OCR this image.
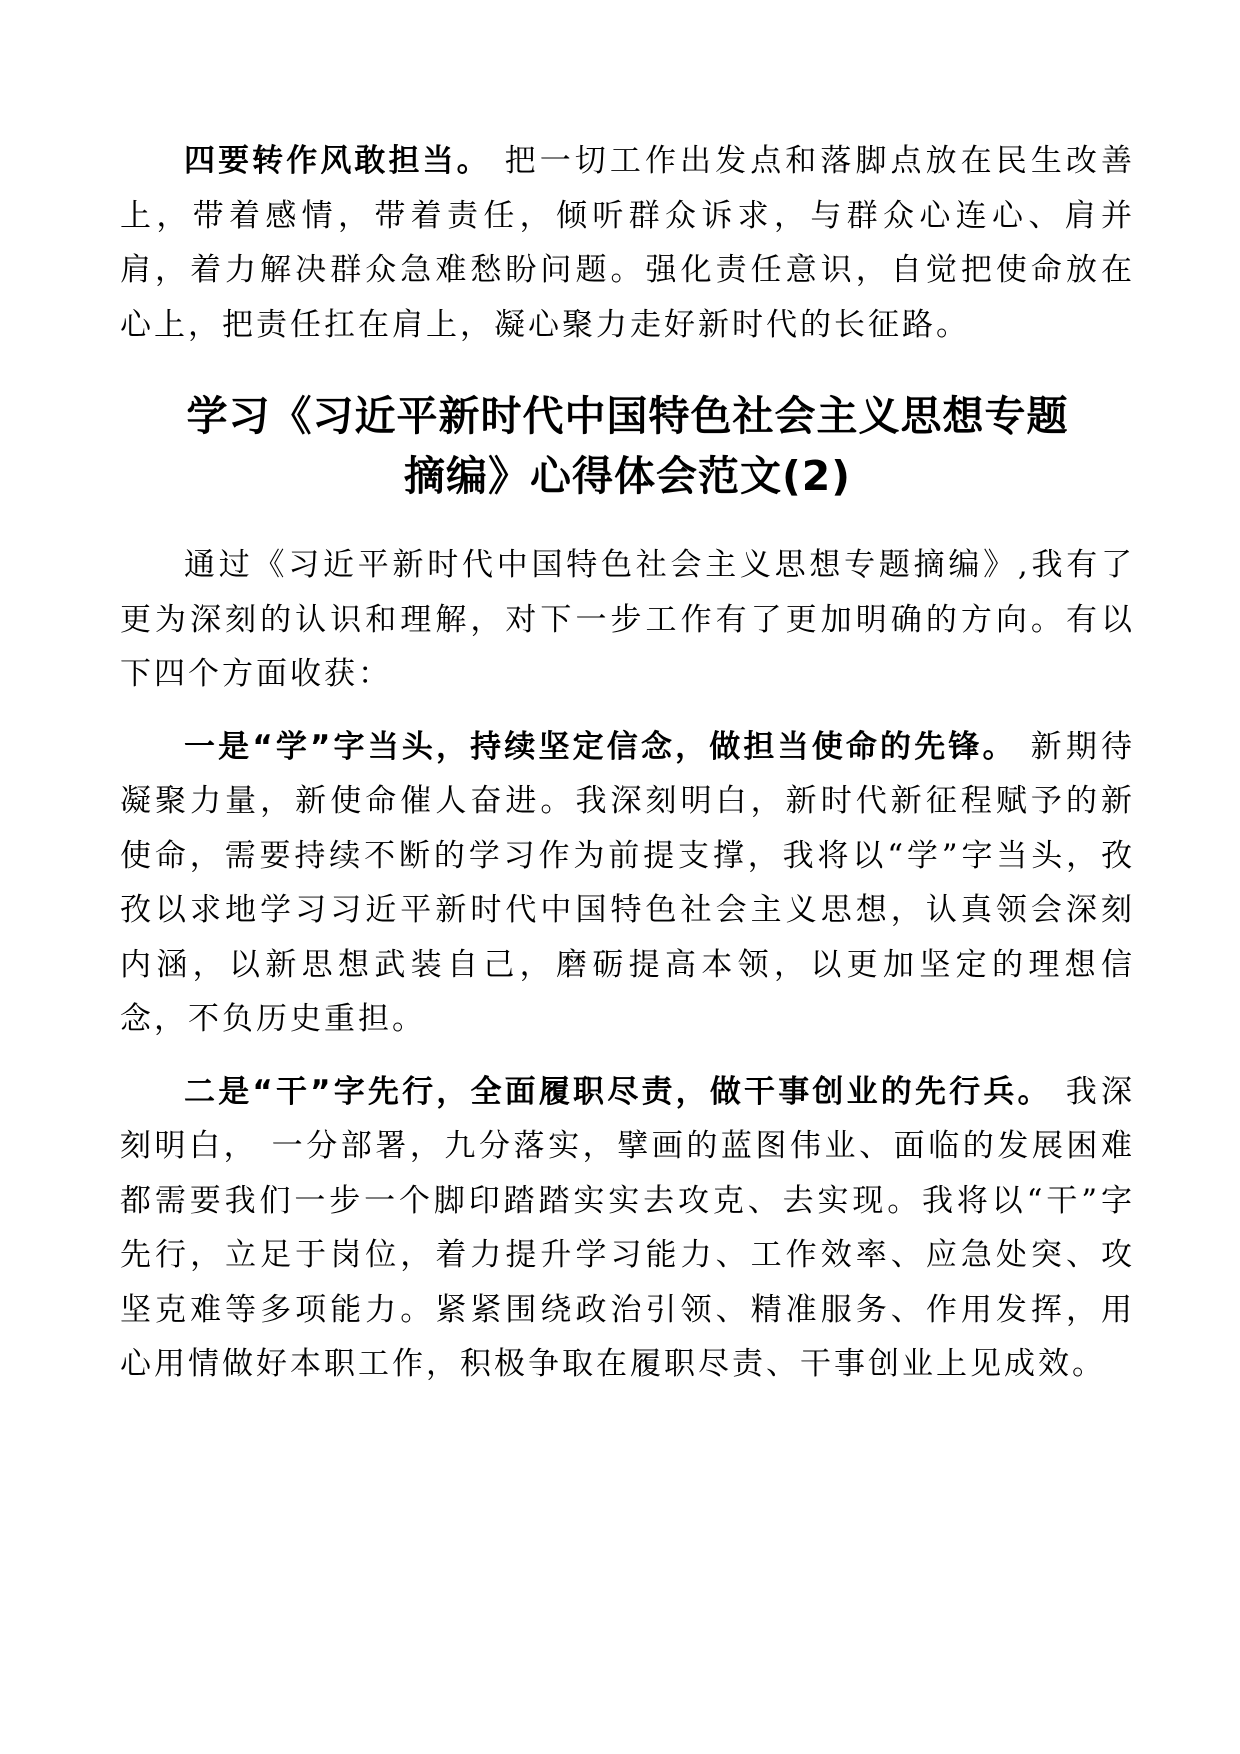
四要转作风敢担当。 把一切工作出发点和落脚点放在民生改善上，带着感情，带着责任，倾听群众诉求，与群众心连心、肩并肩，着力解决群众急难愁盼问题。强化责任意识，自觉把使命放在心上，把责任扛在肩上，凝心聚力走好新时代的长征路。

学习《习近平新时代中国特色社会主义思想专题
摘编》心得体会范文(2)

通过《习近平新时代中国特色社会主义思想专题摘编》,我有了更为深刻的认识和理解，对下一步工作有了更加明确的方向。有以下四个方面收获：

一是“学”字当头，持续坚定信念，做担当使命的先锋。 新期待凝聚力量，新使命催人奋进。我深刻明白，新时代新征程赋予的新使命，需要持续不断的学习作为前提支撑，我将以“学”字当头，孜孜以求地学习习近平新时代中国特色社会主义思想，认真领会深刻内涵，以新思想武装自己，磨砺提高本领，以更加坚定的理想信念，不负历史重担。

二是“干”字先行，全面履职尽责，做干事创业的先行兵。 我深刻明白， 一分部署，九分落实，擘画的蓝图伟业、面临的发展困难都需要我们一步一个脚印踏踏实实去攻克、去实现。我将以“干”字先行，立足于岗位，着力提升学习能力、工作效率、应急处突、攻坚克难等多项能力。紧紧围绕政治引领、精准服务、作用发挥，用心用情做好本职工作，积极争取在履职尽责、干事创业上见成效。
